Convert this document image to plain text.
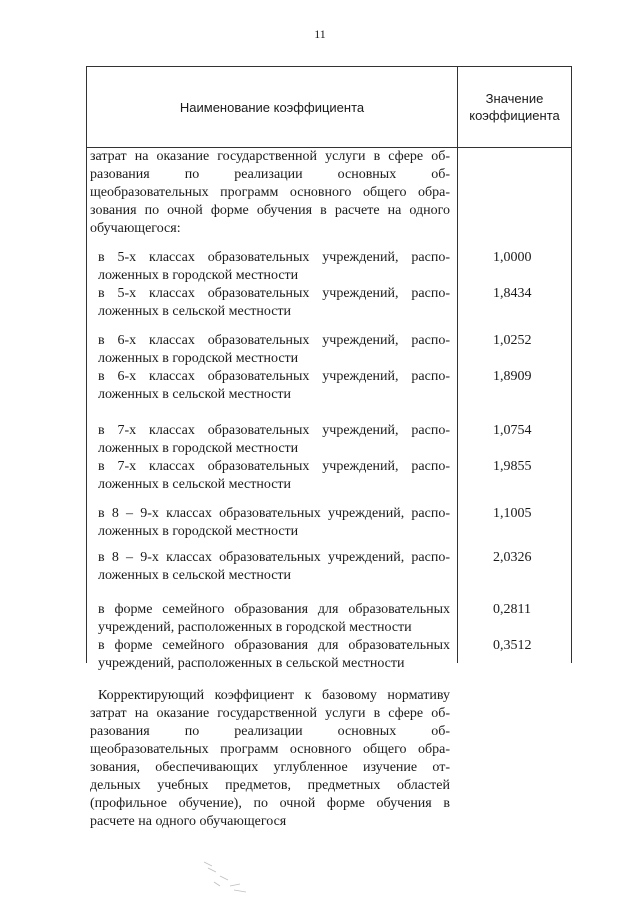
11
Наименование коэффициента
Значение
коэффициента
затрат на оказание государственной услуги в сфере об-
разования по реализации основных об-
щеобразовательных программ основного общего обра-
зования по очной форме обучения в расчете на одного
обучающегося:
в 5-х классах образовательных учреждений, распо-
ложенных в городской местности
1,0000
в 5-х классах образовательных учреждений, распо-
ложенных в сельской местности
1,8434
в 6-х классах образовательных учреждений, распо-
ложенных в городской местности
1,0252
в 6-х классах образовательных учреждений, распо-
ложенных в сельской местности
1,8909
в 7-х классах образовательных учреждений, распо-
ложенных в городской местности
1,0754
в 7-х классах образовательных учреждений, распо-
ложенных в сельской местности
1,9855
в 8 – 9-х классах образовательных учреждений, распо-
ложенных в городской местности
1,1005
в 8 – 9-х классах образовательных учреждений, распо-
ложенных в сельской местности
2,0326
в форме семейного образования для образовательных
учреждений, расположенных в городской местности
0,2811
в форме семейного образования для образовательных
учреждений, расположенных в сельской местности
0,3512
Корректирующий коэффициент к базовому нормативу
затрат на оказание государственной услуги в сфере об-
разования по реализации основных об-
щеобразовательных программ основного общего обра-
зования, обеспечивающих углубленное изучение от-
дельных учебных предметов, предметных областей
(профильное обучение), по очной форме обучения в
расчете на одного обучающегося
